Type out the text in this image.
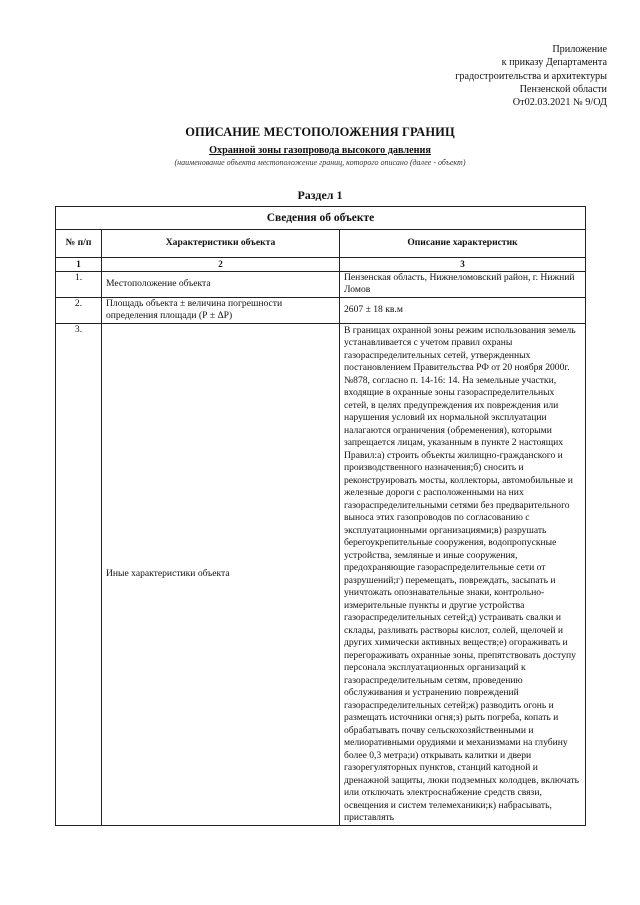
Приложение
к приказу Департамента
градостроительства и архитектуры
Пензенской области
От02.03.2021 № 9/ОД
ОПИСАНИЕ МЕСТОПОЛОЖЕНИЯ ГРАНИЦ
Охранной зоны газопровода высокого давления
(наименование объекта местоположение границ, которого описано (далее - объект)
Раздел 1
Сведения об объекте		
№ п/п	Характеристики объекта	Описание характеристик
1	2	3
1.	Местоположение объекта	Пензенская область, Нижнеломовский район, г. Нижний Ломов
2.	Площадь объекта ± величина погрешности определения площади (Р ± ΔР)	2607 ± 18 кв.м
3.	Иные характеристики объекта	В границах охранной зоны режим использования земель устанавливается с учетом правил охраны газораспределительных сетей, утвержденных постановлением Правительства РФ от 20 ноября 2000г. №878, согласно п. 14-16: 14. На земельные участки, входящие в охранные зоны газораспределительных сетей, в целях предупреждения их повреждения или нарушения условий их нормальной эксплуатации налагаются ограничения (обременения), которыми запрещается лицам, указанным в пункте 2 настоящих Правил:а) строить объекты жилищно-гражданского и производственного назначения;б) сносить и реконструировать мосты, коллекторы, автомобильные и железные дороги с расположенными на них газораспределительными сетями без предварительного выноса этих газопроводов по согласованию с эксплуатационными организациями;в) разрушать берегоукрепительные сооружения, водопропускные устройства, земляные и иные сооружения, предохраняющие газораспределительные сети от разрушений;г) перемещать, повреждать, засыпать и уничтожать опознавательные знаки, контрольно-измерительные пункты и другие устройства газораспределительных сетей;д) устраивать свалки и склады, разливать растворы кислот, солей, щелочей и других химически активных веществ;е) огораживать и перегораживать охранные зоны, препятствовать доступу персонала эксплуатационных организаций к газораспределительным сетям, проведению обслуживания и устранению повреждений газораспределительных сетей;ж) разводить огонь и размещать источники огня;з) рыть погреба, копать и обрабатывать почву сельскохозяйственными и мелиоративными орудиями и механизмами на глубину более 0,3 метра;и) открывать калитки и двери газорегуляторных пунктов, станций катодной и дренажной защиты, люки подземных колодцев, включать или отключать электроснабжение средств связи, освещения и систем телемеханики;к) набрасывать, приставлять
